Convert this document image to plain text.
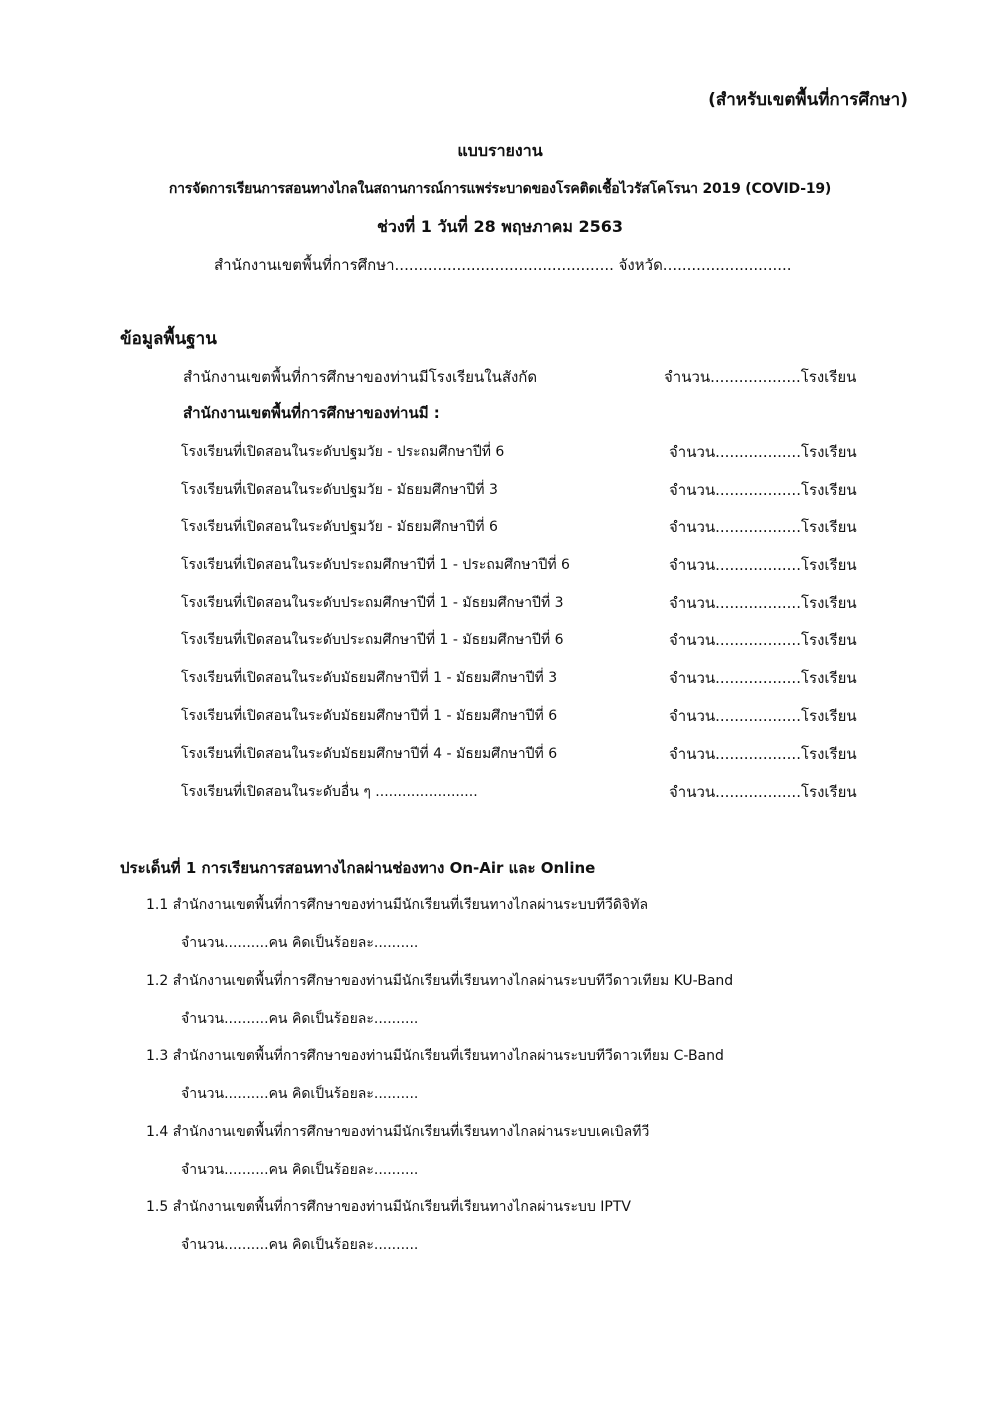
(สำหรับเขตพื้นที่การศึกษา)
แบบรายงาน
การจัดการเรียนการสอนทางไกลในสถานการณ์การแพร่ระบาดของโรคติดเชื้อไวรัสโคโรนา 2019 (COVID-19)
ช่วงที่ 1 วันที่ 28 พฤษภาคม 2563
สำนักงานเขตพื้นที่การศึกษา.............................................. จังหวัด...........................
ข้อมูลพื้นฐาน
สำนักงานเขตพื้นที่การศึกษาของท่านมีโรงเรียนในสังกัด	จำนวน...................โรงเรียน
สำนักงานเขตพื้นที่การศึกษาของท่านมี :
โรงเรียนที่เปิดสอนในระดับปฐมวัย - ประถมศึกษาปีที่ 6	จำนวน..................โรงเรียน
โรงเรียนที่เปิดสอนในระดับปฐมวัย - มัธยมศึกษาปีที่ 3	จำนวน..................โรงเรียน
โรงเรียนที่เปิดสอนในระดับปฐมวัย - มัธยมศึกษาปีที่ 6	จำนวน..................โรงเรียน
โรงเรียนที่เปิดสอนในระดับประถมศึกษาปีที่ 1 - ประถมศึกษาปีที่ 6	จำนวน..................โรงเรียน
โรงเรียนที่เปิดสอนในระดับประถมศึกษาปีที่ 1 - มัธยมศึกษาปีที่ 3	จำนวน..................โรงเรียน
โรงเรียนที่เปิดสอนในระดับประถมศึกษาปีที่ 1 - มัธยมศึกษาปีที่ 6	จำนวน..................โรงเรียน
โรงเรียนที่เปิดสอนในระดับมัธยมศึกษาปีที่ 1 - มัธยมศึกษาปีที่ 3	จำนวน..................โรงเรียน
โรงเรียนที่เปิดสอนในระดับมัธยมศึกษาปีที่ 1 - มัธยมศึกษาปีที่ 6	จำนวน..................โรงเรียน
โรงเรียนที่เปิดสอนในระดับมัธยมศึกษาปีที่ 4 - มัธยมศึกษาปีที่ 6	จำนวน..................โรงเรียน
โรงเรียนที่เปิดสอนในระดับอื่น ๆ .......................	จำนวน..................โรงเรียน
ประเด็นที่ 1 การเรียนการสอนทางไกลผ่านช่องทาง On-Air และ Online
1.1 สำนักงานเขตพื้นที่การศึกษาของท่านมีนักเรียนที่เรียนทางไกลผ่านระบบทีวีดิจิทัล
จำนวน..........คน คิดเป็นร้อยละ..........
1.2 สำนักงานเขตพื้นที่การศึกษาของท่านมีนักเรียนที่เรียนทางไกลผ่านระบบทีวีดาวเทียม KU-Band
จำนวน..........คน คิดเป็นร้อยละ..........
1.3 สำนักงานเขตพื้นที่การศึกษาของท่านมีนักเรียนที่เรียนทางไกลผ่านระบบทีวีดาวเทียม C-Band
จำนวน..........คน คิดเป็นร้อยละ..........
1.4 สำนักงานเขตพื้นที่การศึกษาของท่านมีนักเรียนที่เรียนทางไกลผ่านระบบเคเบิลทีวี
จำนวน..........คน คิดเป็นร้อยละ..........
1.5 สำนักงานเขตพื้นที่การศึกษาของท่านมีนักเรียนที่เรียนทางไกลผ่านระบบ IPTV
จำนวน..........คน คิดเป็นร้อยละ..........
